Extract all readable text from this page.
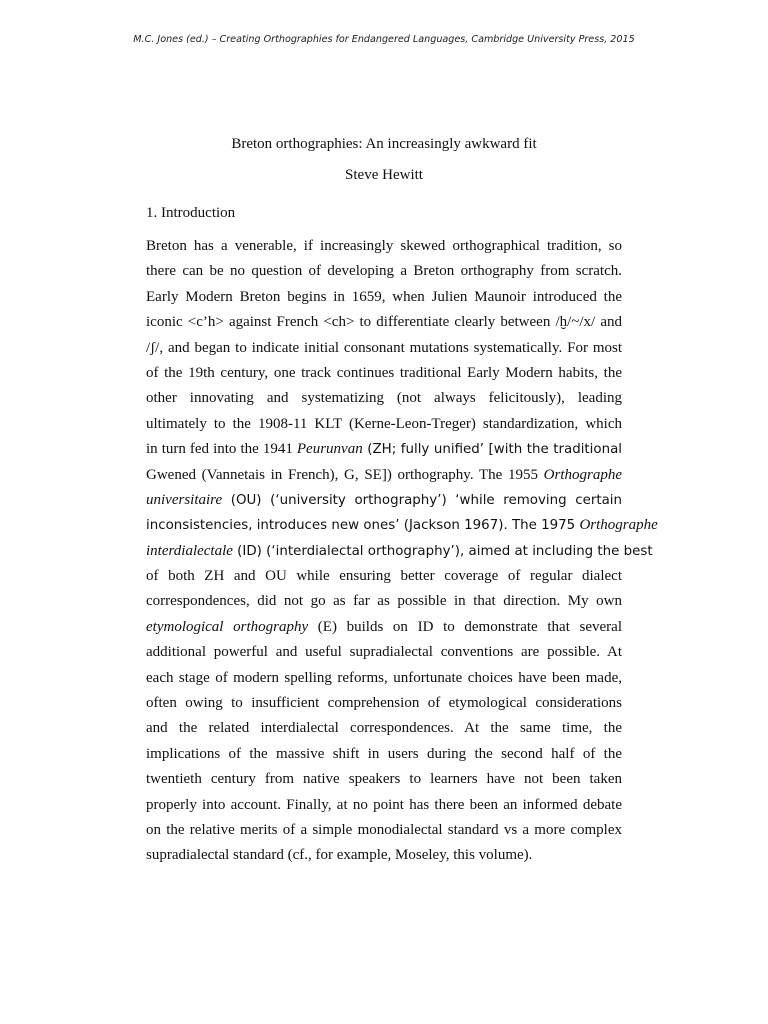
M.C. Jones (ed.) – Creating Orthographies for Endangered Languages, Cambridge University Press, 2015
Breton orthographies: An increasingly awkward fit
Steve Hewitt
1. Introduction
Breton has a venerable, if increasingly skewed orthographical tradition, so
there can be no question of developing a Breton orthography from scratch.
Early Modern Breton begins in 1659, when Julien Maunoir introduced the
iconic <c’h> against French <ch> to differentiate clearly between /ḫ/~/x/ and
/ʃ/, and began to indicate initial consonant mutations systematically. For most
of the 19th century, one track continues traditional Early Modern habits, the
other innovating and systematizing (not always felicitously), leading
ultimately to the 1908-11 KLT (Kerne-Leon-Treger) standardization, which
in turn fed into the 1941 Peurunvan (ZH; fully unified’ [with the traditional
Gwened (Vannetais in French), G, SE]) orthography. The 1955 Orthographe
universitaire (OU) (‘university orthography’) ‘while removing certain
inconsistencies, introduces new ones’ (Jackson 1967). The 1975 Orthographe
interdialectale (ID) (‘interdialectal orthography’), aimed at including the best
of both ZH and OU while ensuring better coverage of regular dialect
correspondences, did not go as far as possible in that direction. My own
etymological orthography (E) builds on ID to demonstrate that several
additional powerful and useful supradialectal conventions are possible. At
each stage of modern spelling reforms, unfortunate choices have been made,
often owing to insufficient comprehension of etymological considerations
and the related interdialectal correspondences. At the same time, the
implications of the massive shift in users during the second half of the
twentieth century from native speakers to learners have not been taken
properly into account. Finally, at no point has there been an informed debate
on the relative merits of a simple monodialectal standard vs a more complex
supradialectal standard (cf., for example, Moseley, this volume).
